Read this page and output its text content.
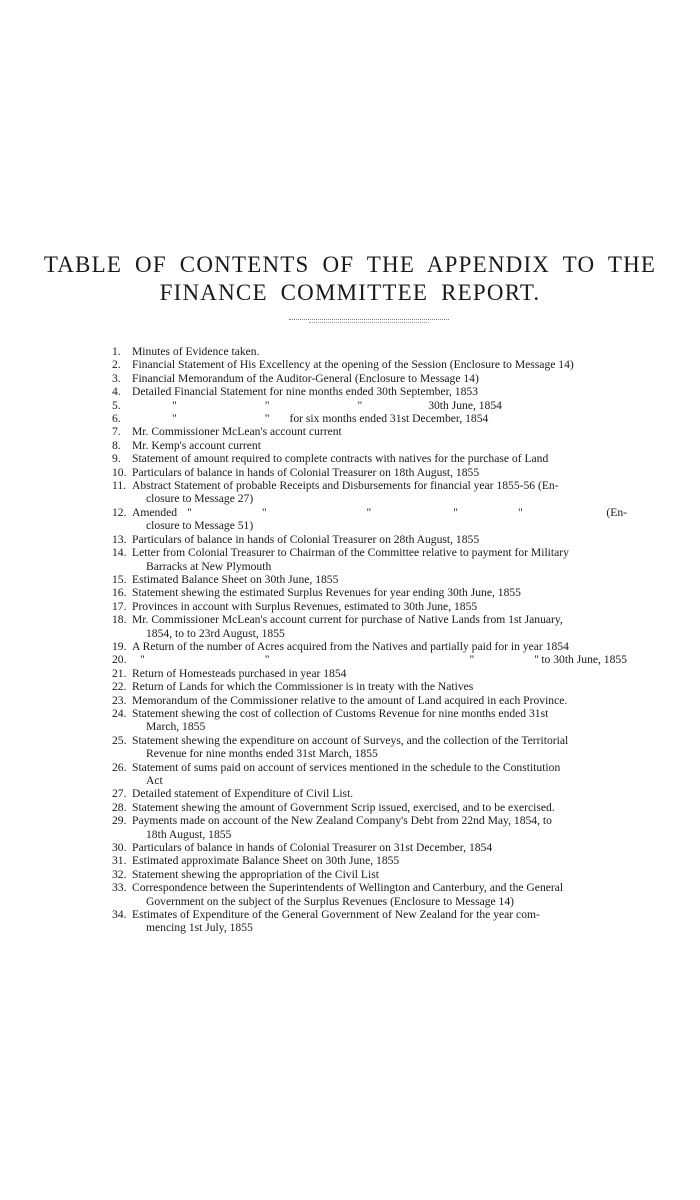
TABLE OF CONTENTS OF THE APPENDIX TO THE
FINANCE COMMITTEE REPORT.
1. Minutes of Evidence taken.
2. Financial Statement of His Excellency at the opening of the Session (Enclosure to Message 14)
3. Financial Memorandum of the Auditor-General (Enclosure to Message 14)
4. Detailed Financial Statement for nine months ended 30th September, 1853
5.	"	"	"	30th June, 1854
6.	"	" for six months ended 31st December, 1854
7. Mr. Commissioner McLean's account current
8. Mr. Kemp's account current
9. Statement of amount required to complete contracts with natives for the purchase of Land
10. Particulars of balance in hands of Colonial Treasurer on 18th August, 1855
11. Abstract Statement of probable Receipts and Disbursements for financial year 1855-56 (En-
closure to Message 27)
12. Amended "	"	"	"	"	(En-
closure to Message 51)
13. Particulars of balance in hands of Colonial Treasurer on 28th August, 1855
14. Letter from Colonial Treasurer to Chairman of the Committee relative to payment for Military
Barracks at New Plymouth
15. Estimated Balance Sheet on 30th June, 1855
16. Statement shewing the estimated Surplus Revenues for year ending 30th June, 1855
17. Provinces in account with Surplus Revenues, estimated to 30th June, 1855
18. Mr. Commissioner McLean's account current for purchase of Native Lands from 1st January,
1854, to to 23rd August, 1855
19. A Return of the number of Acres acquired from the Natives and partially paid for in year 1854
20.	"	"	"	" to 30th June, 1855
21. Return of Homesteads purchased in year 1854
22. Return of Lands for which the Commissioner is in treaty with the Natives
23. Memorandum of the Commissioner relative to the amount of Land acquired in each Province.
24. Statement shewing the cost of collection of Customs Revenue for nine months ended 31st
March, 1855
25. Statement shewing the expenditure on account of Surveys, and the collection of the Territorial
Revenue for nine months ended 31st March, 1855
26. Statement of sums paid on account of services mentioned in the schedule to the Constitution
Act
27. Detailed statement of Expenditure of Civil List.
28. Statement shewing the amount of Government Scrip issued, exercised, and to be exercised.
29. Payments made on account of the New Zealand Company's Debt from 22nd May, 1854, to
18th August, 1855
30. Particulars of balance in hands of Colonial Treasurer on 31st December, 1854
31. Estimated approximate Balance Sheet on 30th June, 1855
32. Statement shewing the appropriation of the Civil List
33. Correspondence between the Superintendents of Wellington and Canterbury, and the General
Government on the subject of the Surplus Revenues (Enclosure to Message 14)
34. Estimates of Expenditure of the General Government of New Zealand for the year com-
mencing 1st July, 1855
